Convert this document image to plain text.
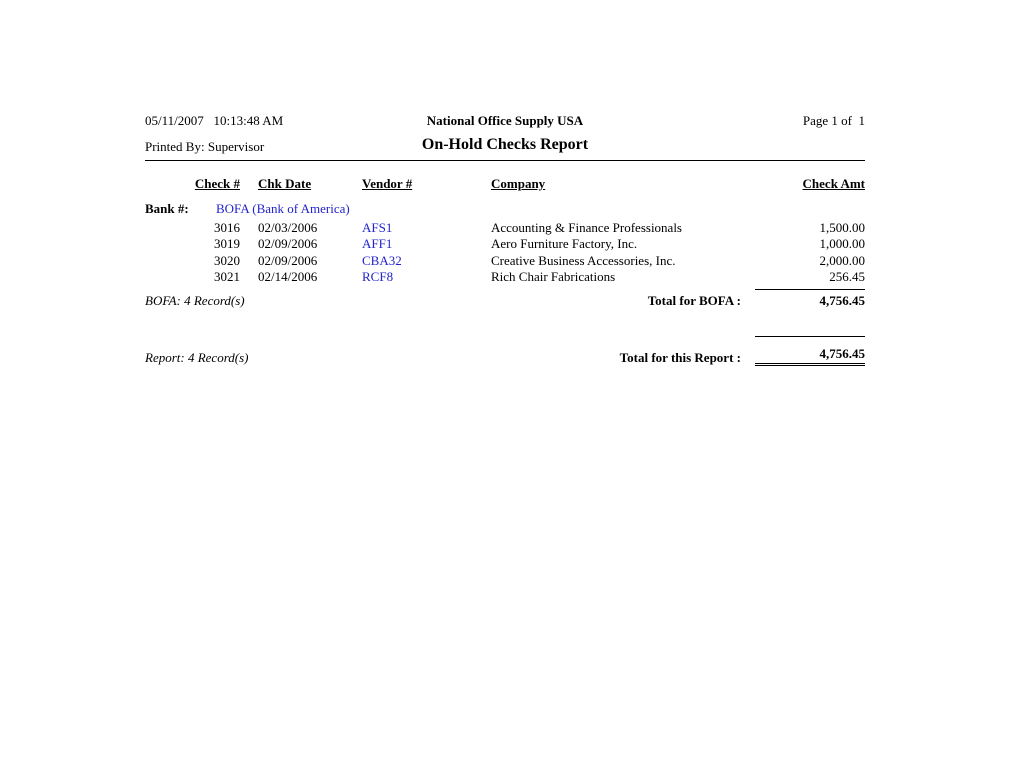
05/11/2007   10:13:48 AM	National Office Supply USA	Page 1 of  1
Printed By: Supervisor	On-Hold Checks Report
Check #	Chk Date	Vendor #	Company	Check Amt
Bank #:	BOFA (Bank of America)
3016	02/03/2006	AFS1	Accounting & Finance Professionals	1,500.00
3019	02/09/2006	AFF1	Aero Furniture Factory, Inc.	1,000.00
3020	02/09/2006	CBA32	Creative Business Accessories, Inc.	2,000.00
3021	02/14/2006	RCF8	Rich Chair Fabrications	256.45
BOFA: 4 Record(s)	Total for BOFA :	4,756.45
Report: 4 Record(s)	Total for this Report :	4,756.45
